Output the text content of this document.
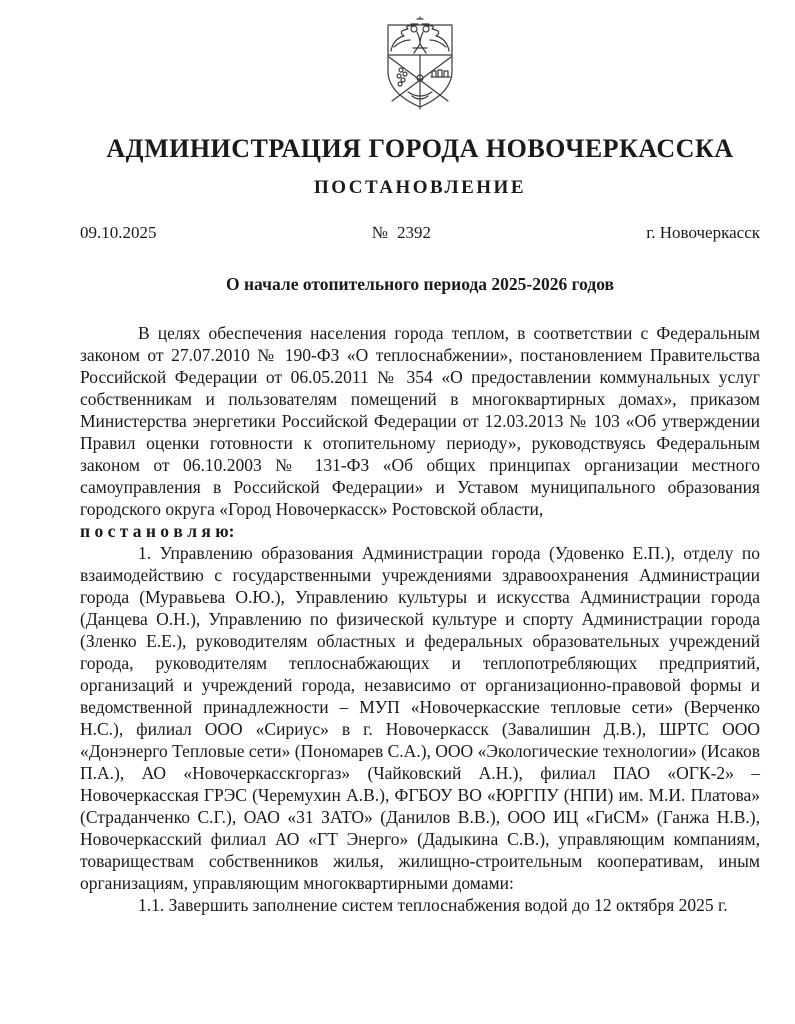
АДМИНИСТРАЦИЯ ГОРОДА НОВОЧЕРКАССКА
ПОСТАНОВЛЕНИЕ
09.10.2025	№ 2392	г. Новочеркасск
О начале отопительного периода 2025-2026 годов

В целях обеспечения населения города теплом, в соответствии с Федеральным законом от 27.07.2010 № 190-ФЗ «О теплоснабжении», постановлением Правительства Российской Федерации от 06.05.2011 № 354 «О предоставлении коммунальных услуг собственникам и пользователям помещений в многоквартирных домах», приказом Министерства энергетики Российской Федерации от 12.03.2013 № 103 «Об утверждении Правил оценки готовности к отопительному периоду», руководствуясь Федеральным законом от 06.10.2003 № 131-ФЗ «Об общих принципах организации местного самоуправления в Российской Федерации» и Уставом муниципального образования городского округа «Город Новочеркасск» Ростовской области,

п о с т а н о в л я ю:

1. Управлению образования Администрации города (Удовенко Е.П.), отделу по взаимодействию с государственными учреждениями здравоохранения Администрации города (Муравьева О.Ю.), Управлению культуры и искусства Администрации города (Данцева О.Н.), Управлению по физической культуре и спорту Администрации города (Зленко Е.Е.), руководителям областных и федеральных образовательных учреждений города, руководителям теплоснабжающих и теплопотребляющих предприятий, организаций и учреждений города, независимо от организационно-правовой формы и ведомственной принадлежности – МУП «Новочеркасские тепловые сети» (Верченко Н.С.), филиал ООО «Сириус» в г. Новочеркасск (Завалишин Д.В.), ШРТС ООО «Донэнерго Тепловые сети» (Пономарев С.А.), ООО «Экологические технологии» (Исаков П.А.), АО «Новочеркасскгоргаз» (Чайковский А.Н.), филиал ПАО «ОГК-2» – Новочеркасская ГРЭС (Черемухин А.В.), ФГБОУ ВО «ЮРГПУ (НПИ) им. М.И. Платова» (Страданченко С.Г.), ОАО «31 ЗАТО» (Данилов В.В.), ООО ИЦ «ГиСМ» (Ганжа Н.В.), Новочеркасский филиал АО «ГТ Энерго» (Дадыкина С.В.), управляющим компаниям, товариществам собственников жилья, жилищно-строительным кооперативам, иным организациям, управляющим многоквартирными домами:

1.1. Завершить заполнение систем теплоснабжения водой до 12 октября 2025 г.
